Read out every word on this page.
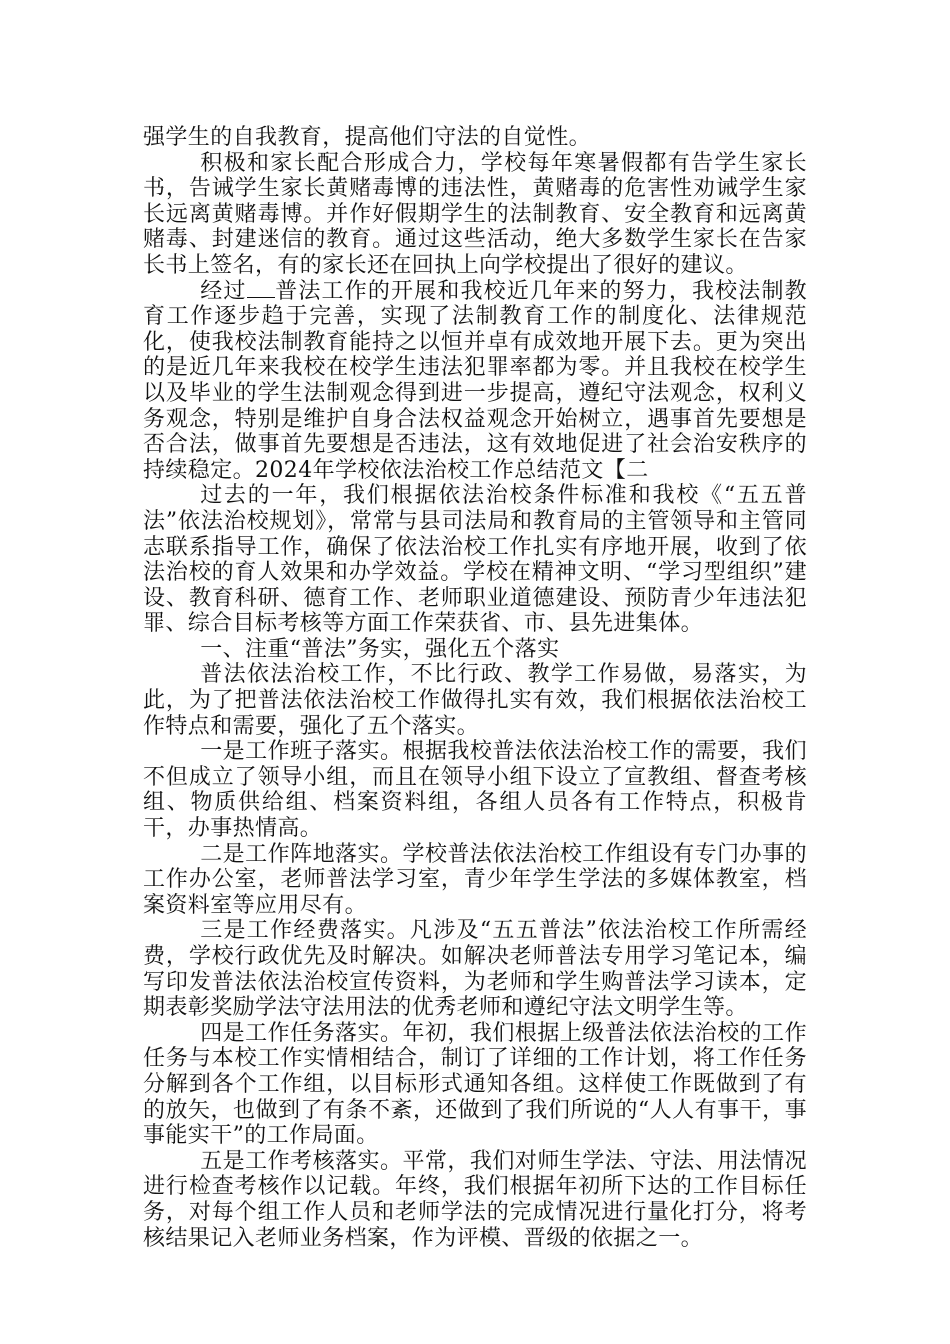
强学生的自我教育，提高他们守法的自觉性。

积极和家长配合形成合力，学校每年寒暑假都有告学生家长书，告诫学生家长黄赌毒博的违法性，黄赌毒的危害性劝诫学生家长远离黄赌毒博。并作好假期学生的法制教育、安全教育和远离黄赌毒、封建迷信的教育。通过这些活动，绝大多数学生家长在告家长书上签名，有的家长还在回执上向学校提出了很好的建议。

经过 普法工作的开展和我校近几年来的努力，我校法制教育工作逐步趋于完善，实现了法制教育工作的制度化、法律规范化，使我校法制教育能持之以恒并卓有成效地开展下去。更为突出的是近几年来我校在校学生违法犯罪率都为零。并且我校在校学生以及毕业的学生法制观念得到进一步提高，遵纪守法观念，权利义务观念，特别是维护自身合法权益观念开始树立，遇事首先要想是否合法，做事首先要想是否违法，这有效地促进了社会治安秩序的持续稳定。2024年学校依法治校工作总结范文【二

过去的一年，我们根据依法治校条件标准和我校《“五五普法”依法治校规划》，常常与县司法局和教育局的主管领导和主管同志联系指导工作，确保了依法治校工作扎实有序地开展，收到了依法治校的育人效果和办学效益。学校在精神文明、“学习型组织”建设、教育科研、德育工作、老师职业道德建设、预防青少年违法犯罪、综合目标考核等方面工作荣获省、市、县先进集体。

一、注重“普法”务实，强化五个落实

普法依法治校工作，不比行政、教学工作易做，易落实，为此，为了把普法依法治校工作做得扎实有效，我们根据依法治校工作特点和需要，强化了五个落实。

一是工作班子落实。根据我校普法依法治校工作的需要，我们不但成立了领导小组，而且在领导小组下设立了宣教组、督查考核组、物质供给组、档案资料组，各组人员各有工作特点，积极肯干，办事热情高。

二是工作阵地落实。学校普法依法治校工作组设有专门办事的工作办公室，老师普法学习室，青少年学生学法的多媒体教室，档案资料室等应用尽有。

三是工作经费落实。凡涉及“五五普法”依法治校工作所需经费，学校行政优先及时解决。如解决老师普法专用学习笔记本，编写印发普法依法治校宣传资料，为老师和学生购普法学习读本，定期表彰奖励学法守法用法的优秀老师和遵纪守法文明学生等。

四是工作任务落实。年初，我们根据上级普法依法治校的工作任务与本校工作实情相结合，制订了详细的工作计划，将工作任务分解到各个工作组，以目标形式通知各组。这样使工作既做到了有的放矢，也做到了有条不紊，还做到了我们所说的“人人有事干，事事能实干”的工作局面。

五是工作考核落实。平常，我们对师生学法、守法、用法情况进行检查考核作以记载。年终，我们根据年初所下达的工作目标任务，对每个组工作人员和老师学法的完成情况进行量化打分，将考核结果记入老师业务档案，作为评模、晋级的依据之一。
